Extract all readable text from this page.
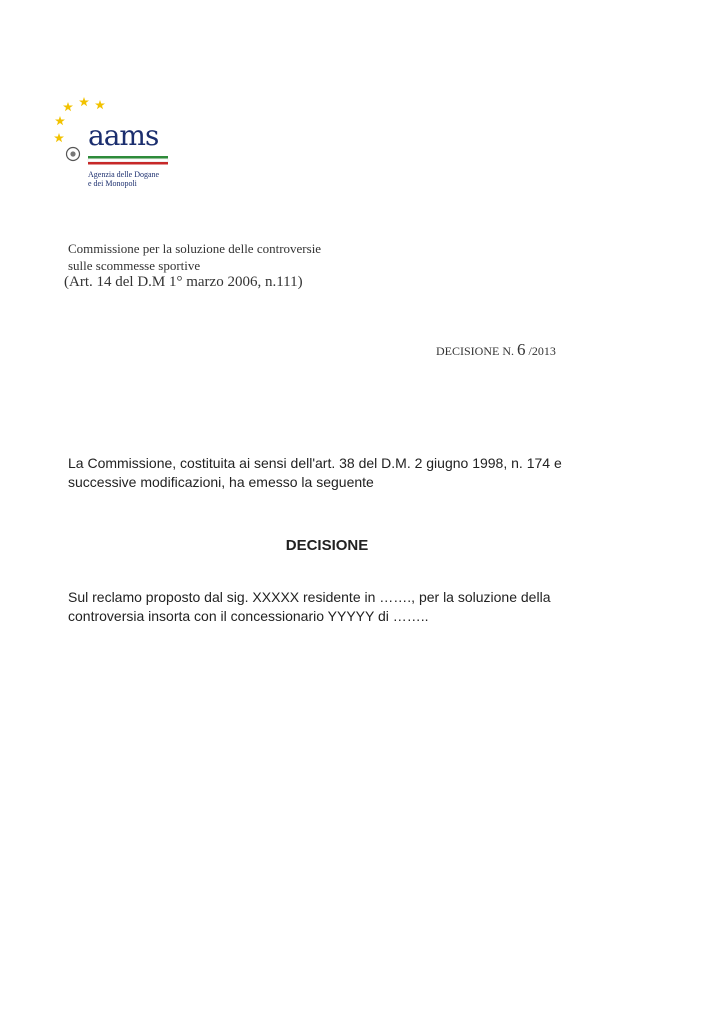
aams
Agenzia delle Dogane
e dei Monopoli
Commissione per la soluzione delle controversie
sulle scommesse sportive
(Art. 14 del D.M 1° marzo 2006, n.111)
DECISIONE N. 6 /2013
La Commissione, costituita ai sensi dell'art. 38 del D.M. 2 giugno 1998, n. 174 e
successive modificazioni, ha emesso la seguente
DECISIONE
Sul reclamo proposto dal sig. XXXXX residente in ……., per la soluzione della
controversia insorta con il concessionario YYYYY di ……..
